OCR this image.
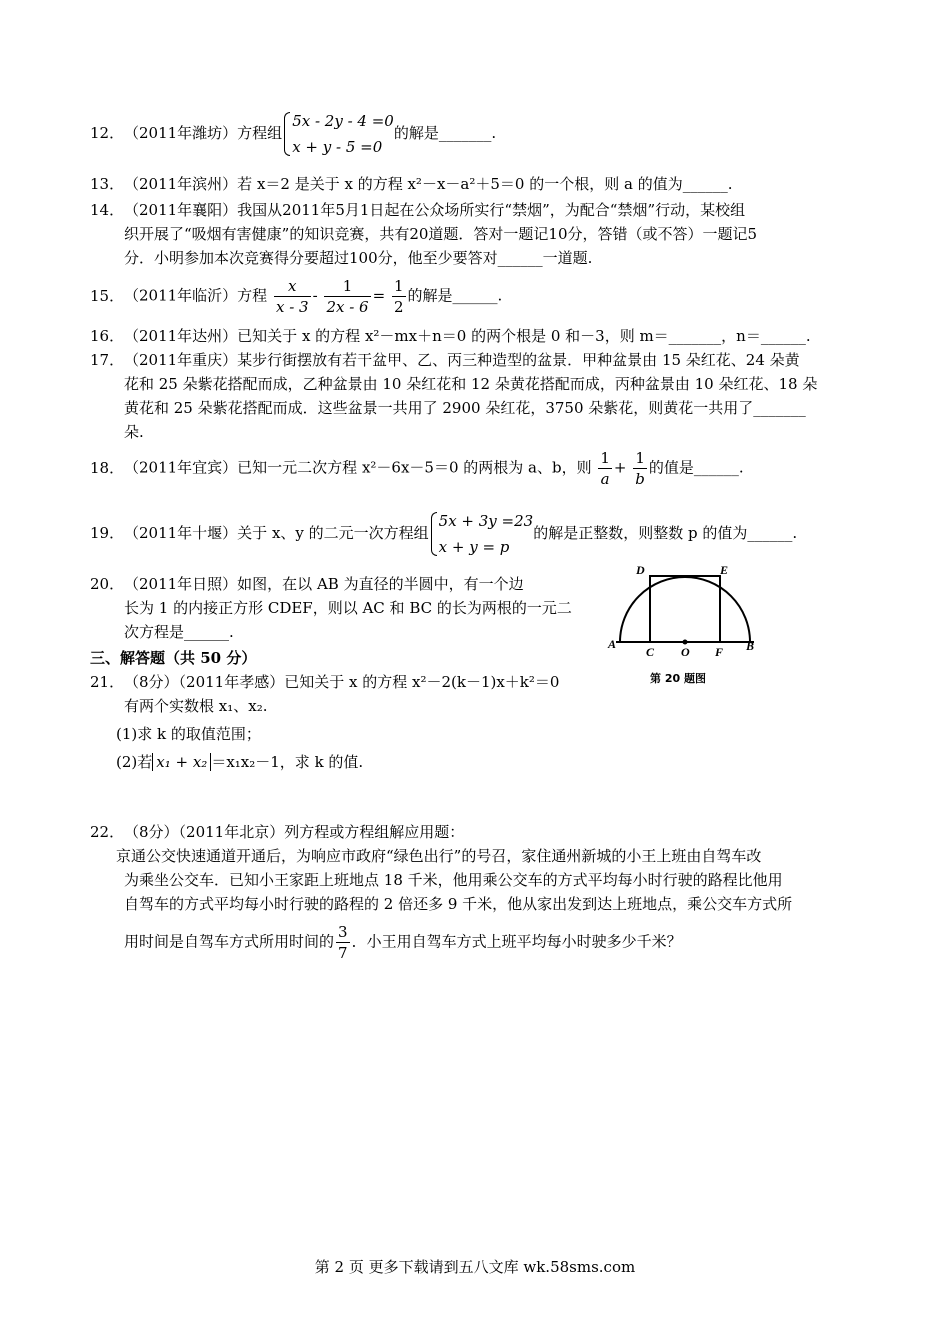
12．（2011年潍坊）方程组
5x - 2y - 4 =0
x + y - 5 =0
的解是_______.
13．（2011年滨州）若 x＝2 是关于 x 的方程 x²－x－a²＋5＝0 的一个根，则 a 的值为______.
14．（2011年襄阳）我国从2011年5月1日起在公众场所实行“禁烟”，为配合“禁烟”行动，某校组
织开展了“吸烟有害健康”的知识竞赛，共有20道题．答对一题记10分，答错（或不答）一题记5
分．小明参加本次竞赛得分要超过100分，他至少要答对______一道题.
15．（2011年临沂）方程 $\frac{x}{x - 3} - \frac{1}{2x - 6} = \frac{1}{2}$ 的解是______.
16．（2011年达州）已知关于 x 的方程 x²－mx＋n＝0 的两个根是 0 和－3，则 m＝_______，n＝______.
17．（2011年重庆）某步行街摆放有若干盆甲、乙、丙三种造型的盆景．甲种盆景由 15 朵红花、24 朵黄
花和 25 朵紫花搭配而成，乙种盆景由 10 朵红花和 12 朵黄花搭配而成，丙种盆景由 10 朵红花、18 朵
黄花和 25 朵紫花搭配而成．这些盆景一共用了 2900 朵红花，3750 朵紫花，则黄花一共用了_______
朵.
18．（2011年宜宾）已知一元二次方程 x²－6x－5＝0 的两根为 a、b，则 $\frac{1}{a} + \frac{1}{b}$ 的值是______.
19．（2011年十堰）关于 x、y 的二元一次方程组
5x + 3y =23
x + y = p
的解是正整数，则整数 p 的值为______.
20．（2011年日照）如图，在以 AB 为直径的半圆中，有一个边
长为 1 的内接正方形 CDEF，则以 AC 和 BC 的长为两根的一元二
次方程是______.
D	E
A
C O F B
第 20 题图
三、解答题（共 50 分）
21．（8分）（2011年孝感）已知关于 x 的方程 x²－2(k－1)x＋k²＝0
有两个实数根 x₁、x₂.
(1)求 k 的取值范围；
(2)若 x₁ + x₂ ＝x₁x₂－1，求 k 的值.
22．（8分）（2011年北京）列方程或方程组解应用题：
京通公交快速通道开通后，为响应市政府“绿色出行”的号召，家住通州新城的小王上班由自驾车改
为乘坐公交车．已知小王家距上班地点 18 千米，他用乘公交车的方式平均每小时行驶的路程比他用
自驾车的方式平均每小时行驶的路程的 2 倍还多 9 千米，他从家出发到达上班地点，乘公交车方式所
用时间是自驾车方式所用时间的 $\frac{3}{7}$ ．小王用自驾车方式上班平均每小时驶多少千米？
第 2 页 更多下载请到五八文库 wk.58sms.com
